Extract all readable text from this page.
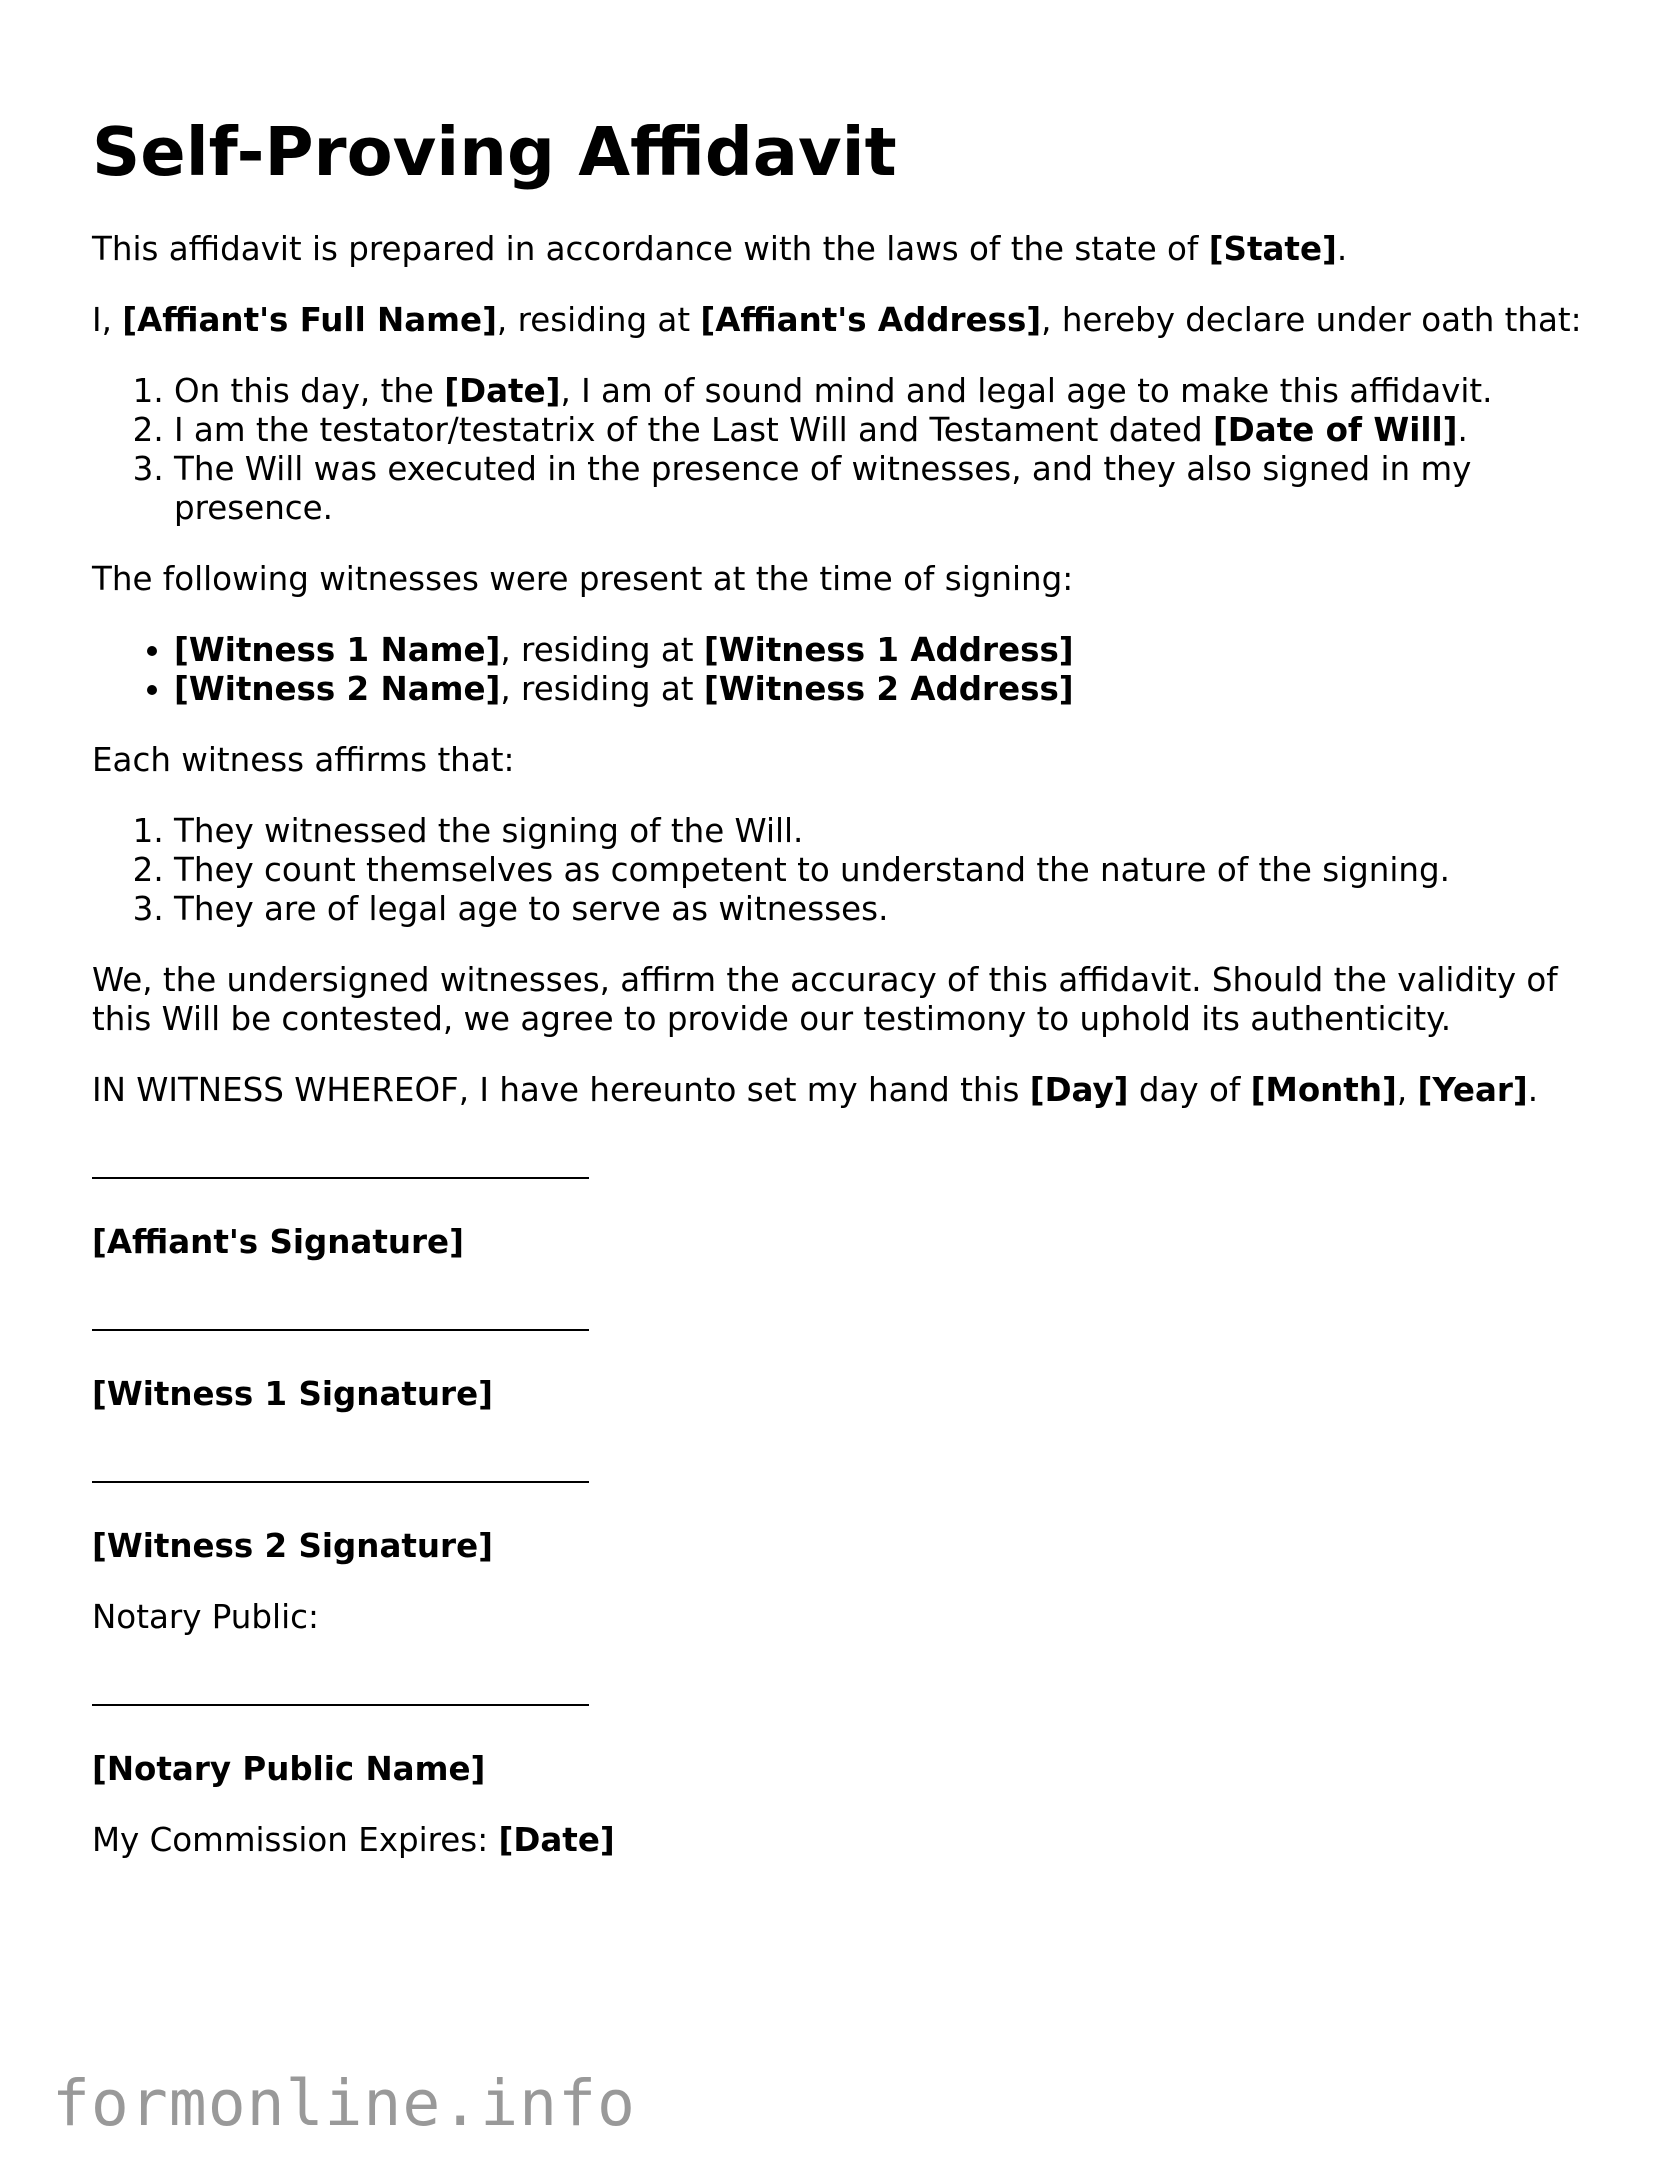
Self-Proving Affidavit

This affidavit is prepared in accordance with the laws of the state of [State].

I, [Affiant's Full Name], residing at [Affiant's Address], hereby declare under oath that:

1. On this day, the [Date], I am of sound mind and legal age to make this affidavit.
2. I am the testator/testatrix of the Last Will and Testament dated [Date of Will].
3. The Will was executed in the presence of witnesses, and they also signed in my presence.

The following witnesses were present at the time of signing:

• [Witness 1 Name], residing at [Witness 1 Address]
• [Witness 2 Name], residing at [Witness 2 Address]

Each witness affirms that:

1. They witnessed the signing of the Will.
2. They count themselves as competent to understand the nature of the signing.
3. They are of legal age to serve as witnesses.

We, the undersigned witnesses, affirm the accuracy of this affidavit. Should the validity of this Will be contested, we agree to provide our testimony to uphold its authenticity.

IN WITNESS WHEREOF, I have hereunto set my hand this [Day] day of [Month], [Year].

[Affiant's Signature]

[Witness 1 Signature]

[Witness 2 Signature]

Notary Public:

[Notary Public Name]

My Commission Expires: [Date]

formonline.info
